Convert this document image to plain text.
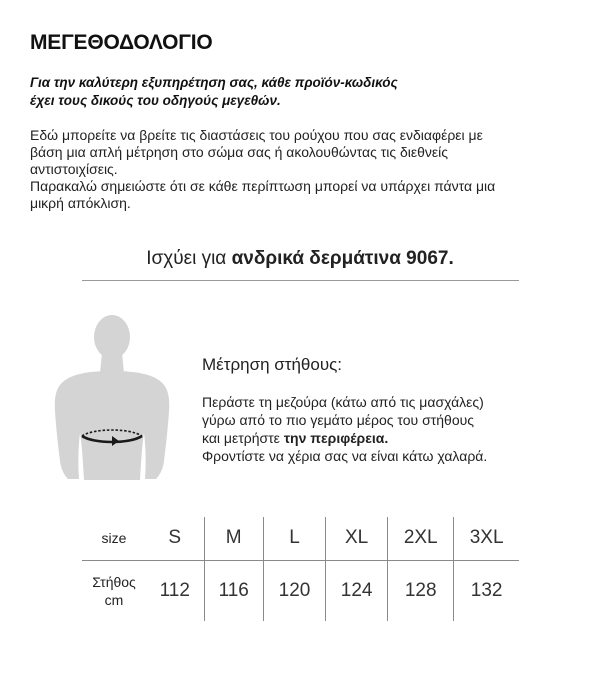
ΜΕΓΕΘΟΔΟΛΟΓΙΟ
Για την καλύτερη εξυπηρέτηση σας, κάθε προϊόν-κωδικός
έχει τους δικούς του οδηγούς μεγεθών.

Εδώ μπορείτε να βρείτε τις διαστάσεις του ρούχου που σας ενδιαφέρει με

βάση μια απλή μέτρηση στο σώμα σας ή ακολουθώντας τις διεθνείς

αντιστοιχίσεις.

Παρακαλώ σημειώστε ότι σε κάθε περίπτωση μπορεί να υπάρχει πάντα μια

μικρή απόκλιση.

Ισχύει για ανδρικά δερμάτινα 9067.
Μέτρηση στήθους:
Περάστε τη μεζούρα (κάτω από τις μασχάλες)
γύρω από το πιο γεμάτο μέρος του στήθους
και μετρήστε την περιφέρεια.
Φροντίστε να χέρια σας να είναι κάτω χαλαρά.
size	S	M	L	XL	2XL	3XL

Στήθος
cm	112	116	120	124	128	132
